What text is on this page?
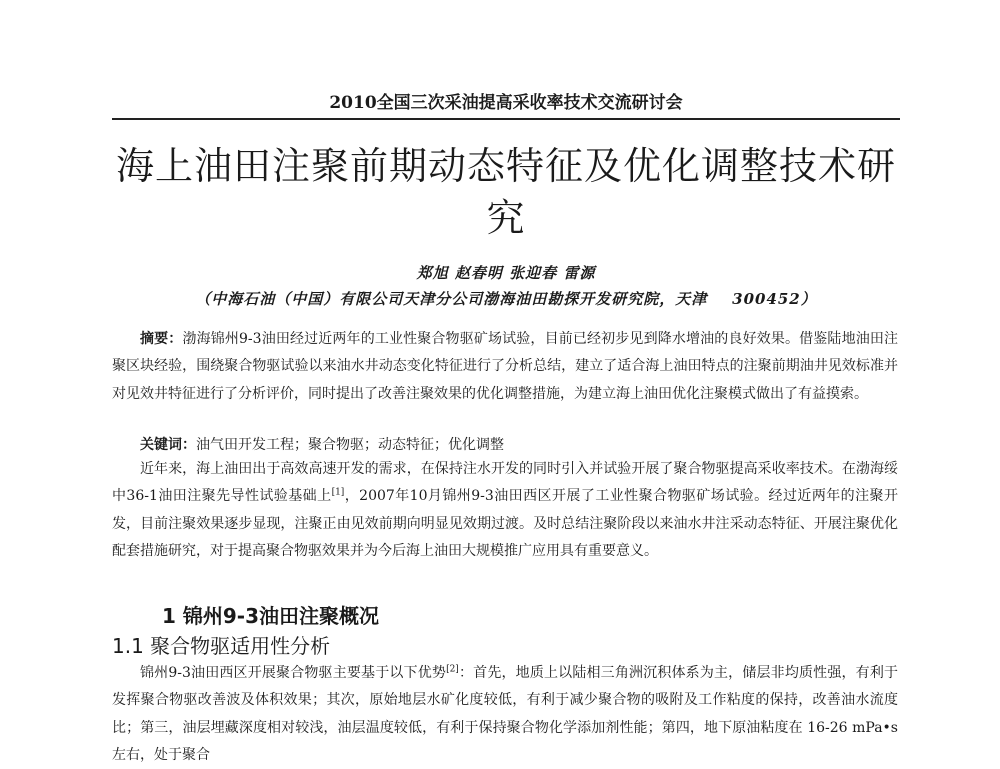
2010全国三次采油提高采收率技术交流研讨会
海上油田注聚前期动态特征及优化调整技术研究
郑旭 赵春明 张迎春 雷源
（中海石油（中国）有限公司天津分公司渤海油田勘探开发研究院，天津    300452）
摘要：渤海锦州9-3油田经过近两年的工业性聚合物驱矿场试验，目前已经初步见到降水增油的良好效果。借鉴陆地油田注聚区块经验，围绕聚合物驱试验以来油水井动态变化特征进行了分析总结，建立了适合海上油田特点的注聚前期油井见效标准并对见效井特征进行了分析评价，同时提出了改善注聚效果的优化调整措施，为建立海上油田优化注聚模式做出了有益摸索。
关键词：油气田开发工程；聚合物驱；动态特征；优化调整
近年来，海上油田出于高效高速开发的需求，在保持注水开发的同时引入并试验开展了聚合物驱提高采收率技术。在渤海绥中36-1油田注聚先导性试验基础上[1]，2007年10月锦州9-3油田西区开展了工业性聚合物驱矿场试验。经过近两年的注聚开发，目前注聚效果逐步显现，注聚正由见效前期向明显见效期过渡。及时总结注聚阶段以来油水井注采动态特征、开展注聚优化配套措施研究，对于提高聚合物驱效果并为今后海上油田大规模推广应用具有重要意义。
1 锦州9-3油田注聚概况
1.1 聚合物驱适用性分析
锦州9-3油田西区开展聚合物驱主要基于以下优势[2]：首先，地质上以陆相三角洲沉积体系为主，储层非均质性强，有利于发挥聚合物驱改善波及体积效果；其次，原始地层水矿化度较低，有利于减少聚合物的吸附及工作粘度的保持，改善油水流度比；第三，油层埋藏深度相对较浅，油层温度较低，有利于保持聚合物化学添加剂性能；第四，地下原油粘度在 16-26 mPa•s 左右，处于聚合
